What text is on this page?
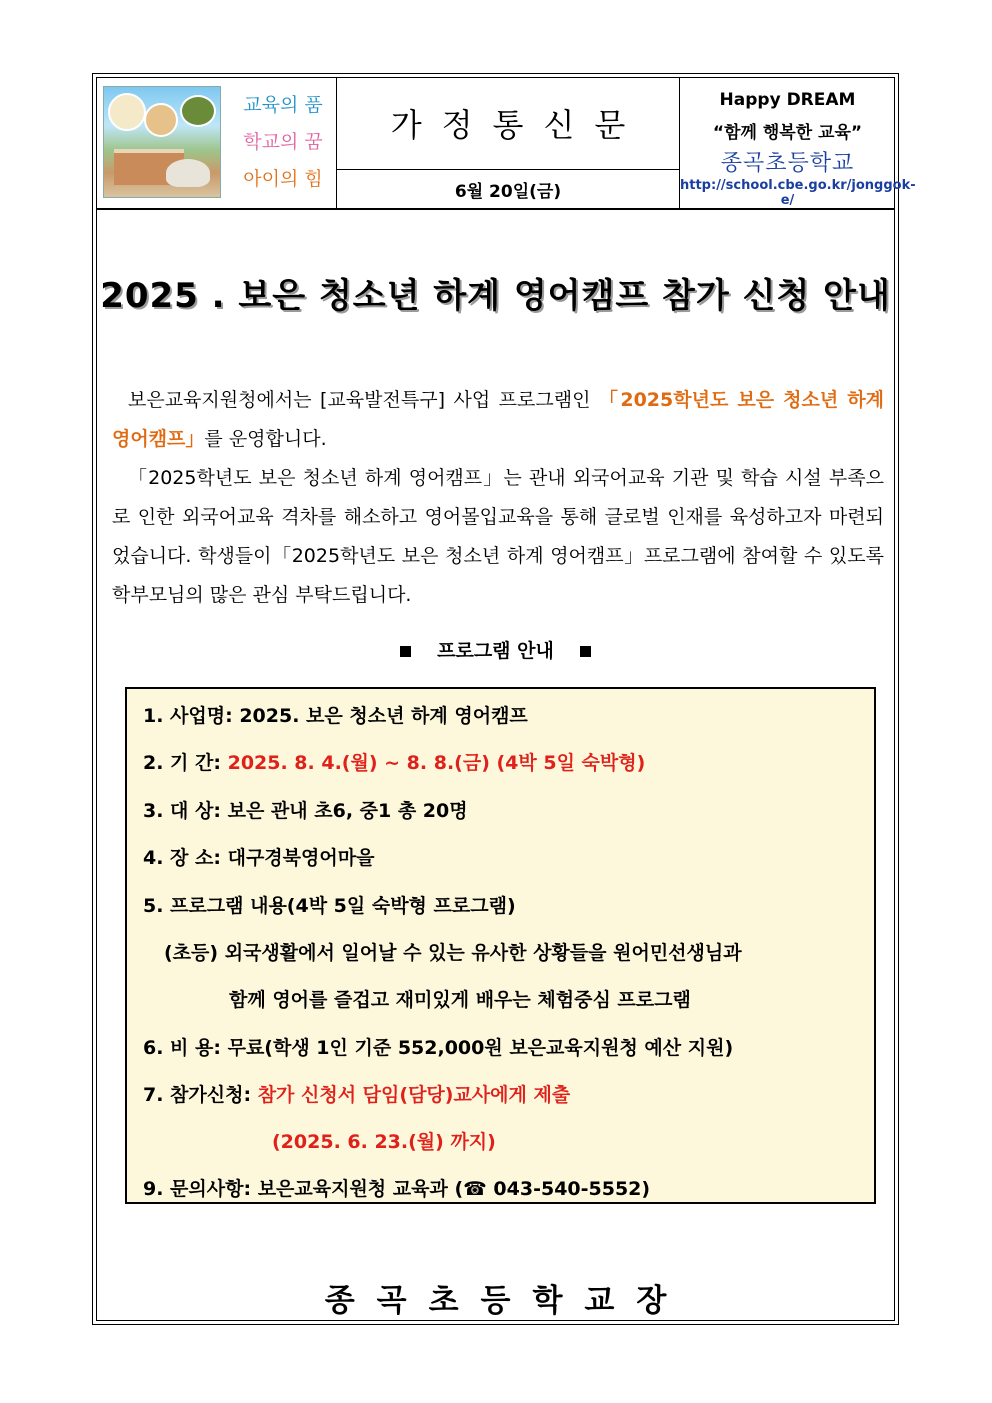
교육의 품
학교의 꿈
아이의 힘
가정통신문
6월 20일(금)
Happy DREAM
“함께 행복한 교육”
종곡초등학교
http://school.cbe.go.kr/jonggok-e/
2025 . 보은 청소년 하계 영어캠프 참가 신청 안내
보은교육지원청에서는 [교육발전특구] 사업 프로그램인 「2025학년도 보은 청소년 하계 영어캠프」를 운영합니다.
「2025학년도 보은 청소년 하계 영어캠프」는 관내 외국어교육 기관 및 학습 시설 부족으로 인한 외국어교육 격차를 해소하고 영어몰입교육을 통해 글로벌 인재를 육성하고자 마련되었습니다. 학생들이「2025학년도 보은 청소년 하계 영어캠프」프로그램에 참여할 수 있도록 학부모님의 많은 관심 부탁드립니다.
프로그램 안내
1. 사업명: 2025. 보은 청소년 하계 영어캠프
2. 기 간: 2025. 8. 4.(월) ~ 8. 8.(금) (4박 5일 숙박형)
3. 대 상: 보은 관내 초6, 중1 총 20명
4. 장 소: 대구경북영어마을
5. 프로그램 내용(4박 5일 숙박형 프로그램)
(초등) 외국생활에서 일어날 수 있는 유사한 상황들을 원어민선생님과
함께 영어를 즐겁고 재미있게 배우는 체험중심 프로그램
6. 비 용: 무료(학생 1인 기준 552,000원 보은교육지원청 예산 지원)
7. 참가신청: 참가 신청서 담임(담당)교사에게 제출
(2025. 6. 23.(월) 까지)
9. 문의사항: 보은교육지원청 교육과 (☎ 043-540-5552)
종곡초등학교장
